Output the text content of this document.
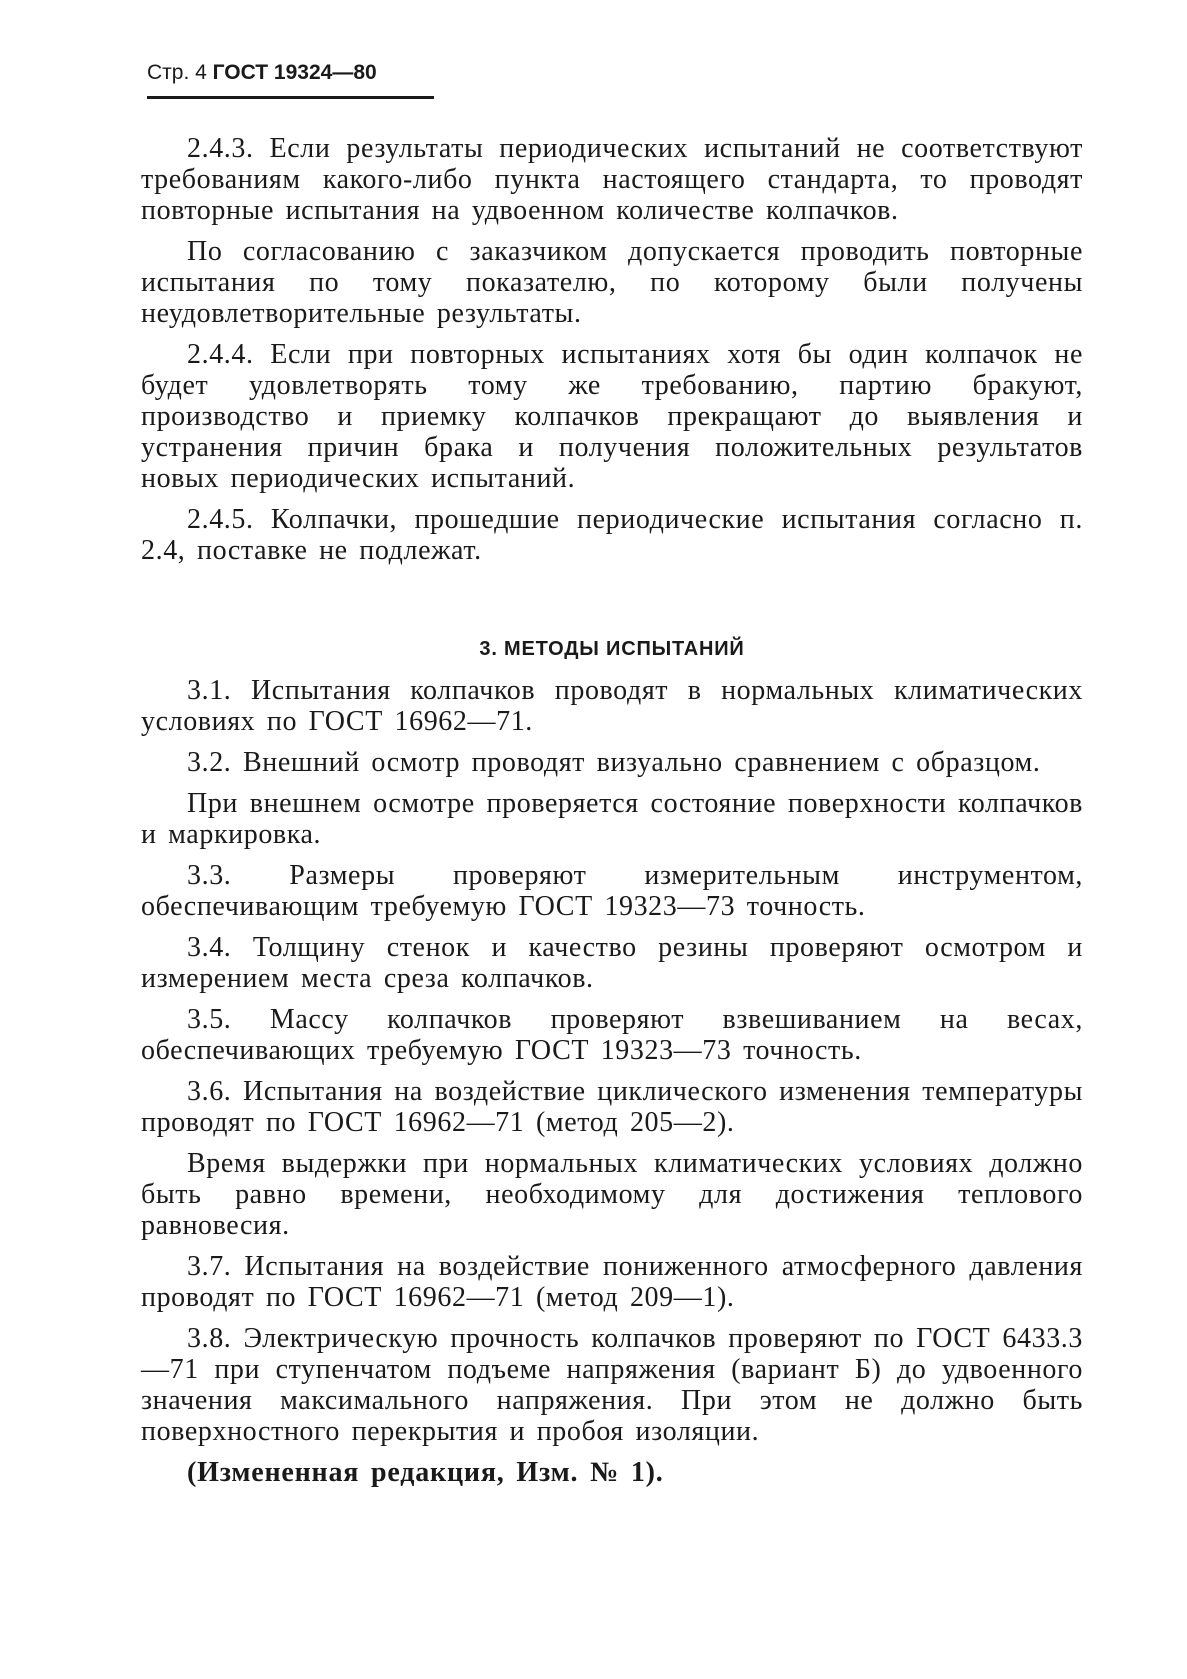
Стр. 4 ГОСТ 19324—80

2.4.3. Если результаты периодических испытаний не соответствуют требованиям какого-либо пункта настоящего стандарта, то проводят повторные испытания на удвоенном количестве колпачков.

По согласованию с заказчиком допускается проводить повторные испытания по тому показателю, по которому были получены неудовлетворительные результаты.

2.4.4. Если при повторных испытаниях хотя бы один колпачок не будет удовлетворять тому же требованию, партию бракуют, производство и приемку колпачков прекращают до выявления и устранения причин брака и получения положительных результатов новых периодических испытаний.

2.4.5. Колпачки, прошедшие периодические испытания согласно п. 2.4, поставке не подлежат.

3. МЕТОДЫ ИСПЫТАНИЙ

3.1. Испытания колпачков проводят в нормальных климатических условиях по ГОСТ 16962—71.

3.2. Внешний осмотр проводят визуально сравнением с образцом.

При внешнем осмотре проверяется состояние поверхности колпачков и маркировка.

3.3. Размеры проверяют измерительным инструментом, обеспечивающим требуемую ГОСТ 19323—73 точность.

3.4. Толщину стенок и качество резины проверяют осмотром и измерением места среза колпачков.

3.5. Массу колпачков проверяют взвешиванием на весах, обеспечивающих требуемую ГОСТ 19323—73 точность.

3.6. Испытания на воздействие циклического изменения температуры проводят по ГОСТ 16962—71 (метод 205—2).

Время выдержки при нормальных климатических условиях должно быть равно времени, необходимому для достижения теплового равновесия.

3.7. Испытания на воздействие пониженного атмосферного давления проводят по ГОСТ 16962—71 (метод 209—1).

3.8. Электрическую прочность колпачков проверяют по ГОСТ 6433.3—71 при ступенчатом подъеме напряжения (вариант Б) до удвоенного значения максимального напряжения. При этом не должно быть поверхностного перекрытия и пробоя изоляции.

(Измененная редакция, Изм. № 1).
